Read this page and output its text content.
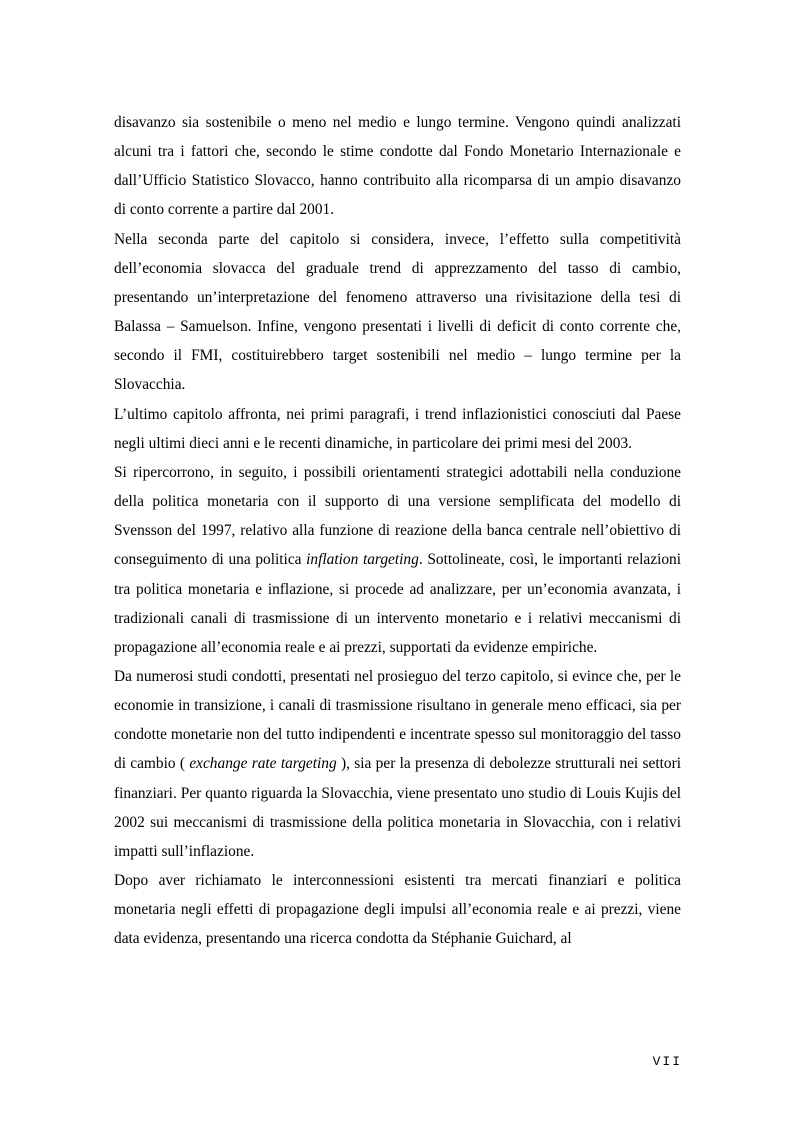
disavanzo sia sostenibile o meno nel medio e lungo termine. Vengono quindi analizzati alcuni tra i fattori che, secondo le stime condotte dal Fondo Monetario Internazionale e dall’Ufficio Statistico Slovacco, hanno contribuito alla ricomparsa di un ampio disavanzo di conto corrente a partire dal 2001.

Nella seconda parte del capitolo si considera, invece, l’effetto sulla competitività dell’economia slovacca del graduale trend di apprezzamento del tasso di cambio, presentando un’interpretazione del fenomeno attraverso una rivisitazione della tesi di Balassa – Samuelson. Infine, vengono presentati i livelli di deficit di conto corrente che, secondo il FMI, costituirebbero target sostenibili nel medio – lungo termine per la Slovacchia.

L’ultimo capitolo affronta, nei primi paragrafi, i trend inflazionistici conosciuti dal Paese negli ultimi dieci anni e le recenti dinamiche, in particolare dei primi mesi del 2003.

Si ripercorrono, in seguito, i possibili orientamenti strategici adottabili nella conduzione della politica monetaria con il supporto di una versione semplificata del modello di Svensson del 1997, relativo alla funzione di reazione della banca centrale nell’obiettivo di conseguimento di una politica inflation targeting. Sottolineate, così, le importanti relazioni tra politica monetaria e inflazione, si procede ad analizzare, per un’economia avanzata, i tradizionali canali di trasmissione di un intervento monetario e i relativi meccanismi di propagazione all’economia reale e ai prezzi, supportati da evidenze empiriche.

Da numerosi studi condotti, presentati nel prosieguo del terzo capitolo, si evince che, per le economie in transizione, i canali di trasmissione risultano in generale meno efficaci, sia per condotte monetarie non del tutto indipendenti e incentrate spesso sul monitoraggio del tasso di cambio ( exchange rate targeting ), sia per la presenza di debolezze strutturali nei settori finanziari. Per quanto riguarda la Slovacchia, viene presentato uno studio di Louis Kujis del 2002 sui meccanismi di trasmissione della politica monetaria in Slovacchia, con i relativi impatti sull’inflazione.

Dopo aver richiamato le interconnessioni esistenti tra mercati finanziari e politica monetaria negli effetti di propagazione degli impulsi all’economia reale e ai prezzi, viene data evidenza, presentando una ricerca condotta da Stéphanie Guichard, al

VII
